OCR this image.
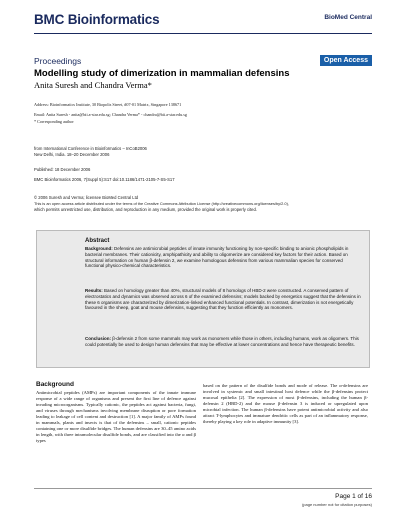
BMC Bioinformatics	BioMed Central
Proceedings	Open Access
Modelling study of dimerization in mammalian defensins
Anita Suresh and Chandra Verma*
Address: Bioinformatics Institute, 30 Biopolis Street, #07-01 Matrix, Singapore 138671
Email: Anita Suresh - anita@bii.a-star.edu.sg; Chandra Verma* - chandra@bii.a-star.edu.sg
* Corresponding author
from International Conference in Bioinformatics – InCoB2006
New Delhi, India. 18–20 December 2006
Published: 18 December 2006
BMC Bioinformatics 2006, 7(Suppl 5):S17 doi:10.1186/1471-2105-7-S5-S17
© 2006 Suresh and Verma; licensee BioMed Central Ltd
This is an open access article distributed under the terms of the Creative Commons Attribution License (http://creativecommons.org/licenses/by/2.0),
which permits unrestricted use, distribution, and reproduction in any medium, provided the original work is properly cited.
Abstract
Background: Defensins are antimicrobial peptides of innate immunity functioning by non-specific binding to anionic phospholipids in bacterial membranes. Their cationicity, amphipathicity and ability to oligomerize are considered key factors for their action. Based on structural information on human β-defensin 2, we examine homologous defensins from various mammalian species for conserved functional physico-chemical characteristics.
Results: Based on homology greater than 40%, structural models of 8 homologs of HBD-2 were constructed. A conserved pattern of electrostatics and dynamics was observed across 6 of the examined defensins; models backed by energetics suggest that the defensins in these 6 organisms are characterized by dimerization-linked enhanced functional potentials. In contrast, dimerization is not energetically favoured in the sheep, goat and mouse defensins, suggesting that they function efficiently as monomers.
Conclusion: β-defensin 2 from some mammals may work as monomers while those in others, including humans, work as oligomers. This could potentially be used to design human defensins that may be effective at lower concentrations and hence have therapeutic benefits.
Background
Antimicrobial peptides (AMPs) are important components of the innate immune response of a wide range of organisms and present the first line of defence against invading microorganisms. Typically cationic, the peptides act against bacteria, fungi, and viruses through mechanisms involving membrane disruption or pore formation leading to leakage of cell content and destruction [1]. A major family of AMPs found in mammals, plants and insects is that of the defensins – small, cationic peptides containing one or more disulfide bridges. The human defensins are 30–45 amino acids in length, with three intramolecular disulfide bonds, and are classified into the α and β types
based on the pattern of the disulfide bonds and mode of release. The α-defensins are involved in systemic and small intestinal host defence while the β-defensins protect mucosal epithelia [2]. The expression of most β-defensins, including the human β-defensin 2 (HBD-2) and the mouse β-defensin 3 is induced or upregulated upon microbial infection. The human β-defensins have potent antimicrobial activity and also attract T-lymphocytes and immature dendritic cells as part of an inflammatory response, thereby playing a key role in adaptive immunity [3].
Page 1 of 16
(page number not for citation purposes)
